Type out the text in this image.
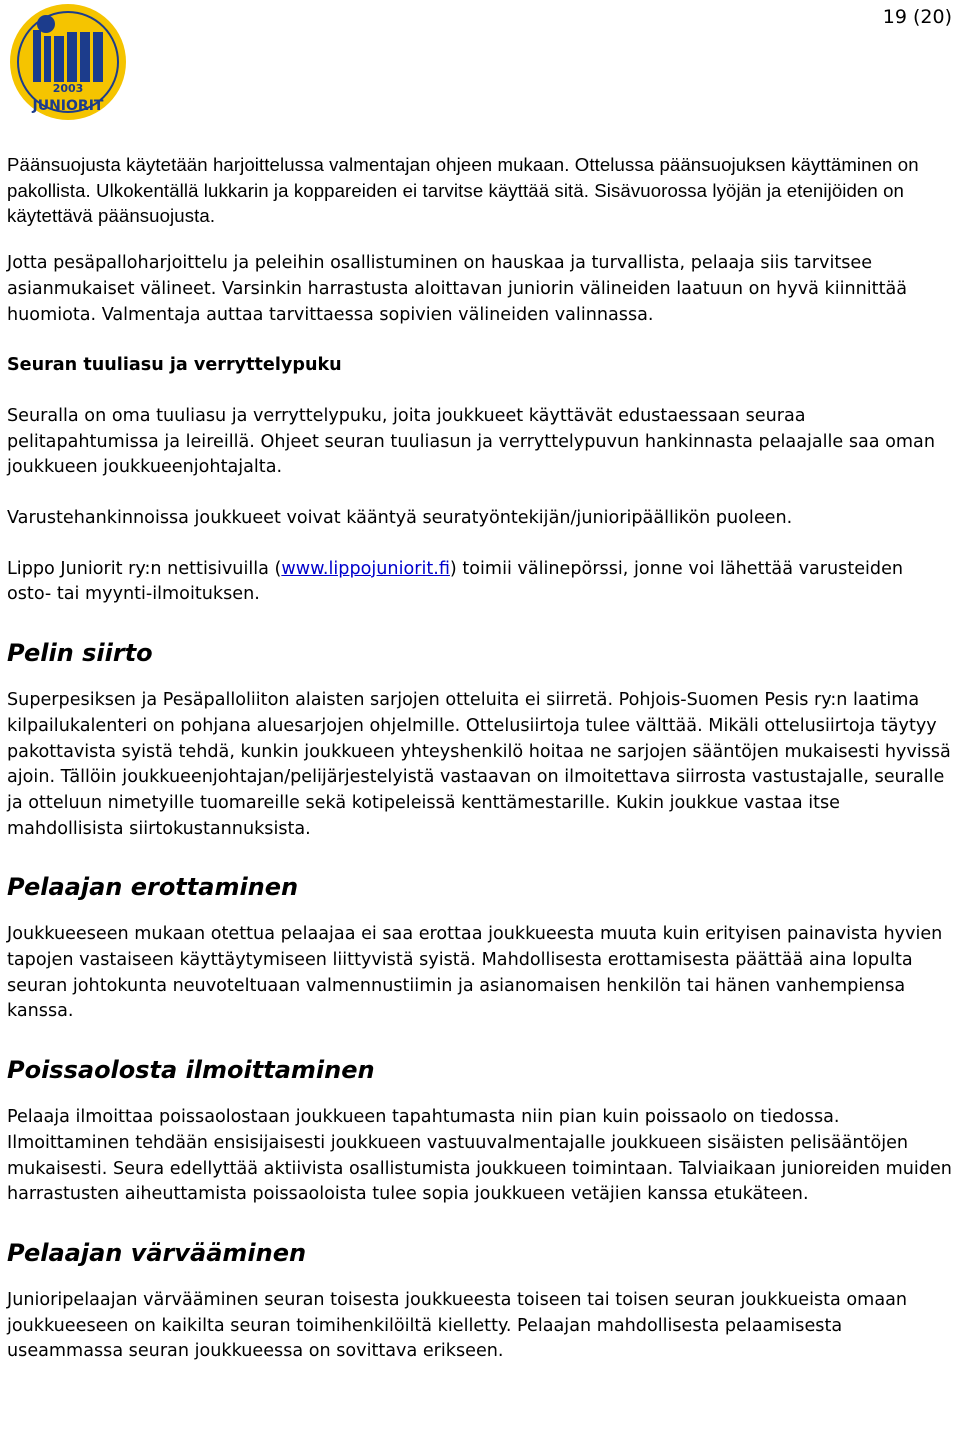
19 (20)
2003
JUNIORIT

Päänsuojusta käytetään harjoittelussa valmentajan ohjeen mukaan. Ottelussa päänsuojuksen käyttäminen on pakollista. Ulkokentällä lukkarin ja koppareiden ei tarvitse käyttää sitä. Sisävuorossa lyöjän ja etenijöiden on käytettävä päänsuojusta.

Jotta pesäpalloharjoittelu ja peleihin osallistuminen on hauskaa ja turvallista, pelaaja siis tarvitsee asianmukaiset välineet. Varsinkin harrastusta aloittavan juniorin välineiden laatuun on hyvä kiinnittää huomiota. Valmentaja auttaa tarvittaessa sopivien välineiden valinnassa.

Seuran tuuliasu ja verryttelypuku

Seuralla on oma tuuliasu ja verryttelypuku, joita joukkueet käyttävät edustaessaan seuraa pelitapahtumissa ja leireillä. Ohjeet seuran tuuliasun ja verryttelypuvun hankinnasta pelaajalle saa oman joukkueen joukkueenjohtajalta.

Varustehankinnoissa joukkueet voivat kääntyä seuratyöntekijän/junioripäällikön puoleen.

Lippo Juniorit ry:n nettisivuilla (www.lippojuniorit.fi) toimii välinepörssi, jonne voi lähettää varusteiden osto- tai myynti-ilmoituksen.

Pelin siirto

Superpesiksen ja Pesäpalloliiton alaisten sarjojen otteluita ei siirretä. Pohjois-Suomen Pesis ry:n laatima kilpailukalenteri on pohjana aluesarjojen ohjelmille. Ottelusiirtoja tulee välttää. Mikäli ottelusiirtoja täytyy pakottavista syistä tehdä, kunkin joukkueen yhteyshenkilö hoitaa ne sarjojen sääntöjen mukaisesti hyvissä ajoin. Tällöin joukkueenjohtajan/pelijärjestelyistä vastaavan on ilmoitettava siirrosta vastustajalle, seuralle ja otteluun nimetyille tuomareille sekä kotipeleissä kenttämestarille. Kukin joukkue vastaa itse mahdollisista siirtokustannuksista.

Pelaajan erottaminen

Joukkueeseen mukaan otettua pelaajaa ei saa erottaa joukkueesta muuta kuin erityisen painavista hyvien tapojen vastaiseen käyttäytymiseen liittyvistä syistä. Mahdollisesta erottamisesta päättää aina lopulta seuran johtokunta neuvoteltuaan valmennustiimin ja asianomaisen henkilön tai hänen vanhempiensa kanssa.

Poissaolosta ilmoittaminen

Pelaaja ilmoittaa poissaolostaan joukkueen tapahtumasta niin pian kuin poissaolo on tiedossa. Ilmoittaminen tehdään ensisijaisesti joukkueen vastuuvalmentajalle joukkueen sisäisten pelisääntöjen mukaisesti. Seura edellyttää aktiivista osallistumista joukkueen toimintaan. Talviaikaan junioreiden muiden harrastusten aiheuttamista poissaoloista tulee sopia joukkueen vetäjien kanssa etukäteen.

Pelaajan värvääminen

Junioripelaajan värvääminen seuran toisesta joukkueesta toiseen tai toisen seuran joukkueista omaan joukkueeseen on kaikilta seuran toimihenkilöiltä kielletty. Pelaajan mahdollisesta pelaamisesta useammassa seuran joukkueessa on sovittava erikseen.
